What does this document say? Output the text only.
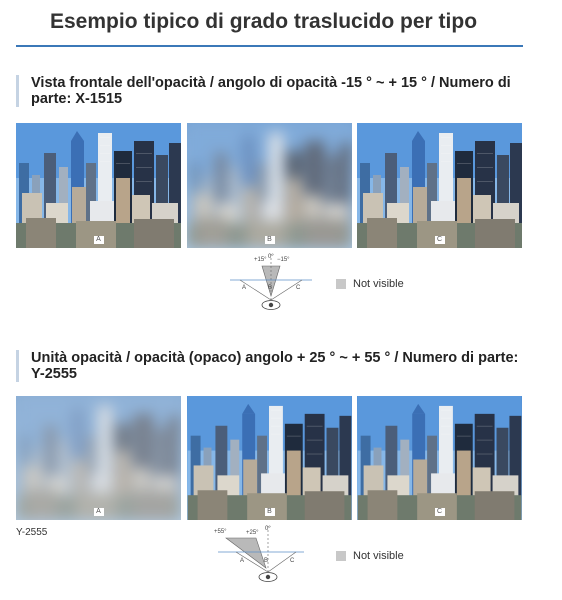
Esempio tipico di grado traslucido per tipo
Vista frontale dell'opacità / angolo di opacità -15 ° ~ + 15 ° / Numero di parte: X-1515
A	B	C
+15° 0° −15°
A	B	C	Not visible
Unità opacità / opacità (opaco) angolo + 25 ° ~ + 55 ° / Numero di parte: Y-2555
A	B	C
Y-2555	+55°	+25°
0°
A	B	C	Not visible
